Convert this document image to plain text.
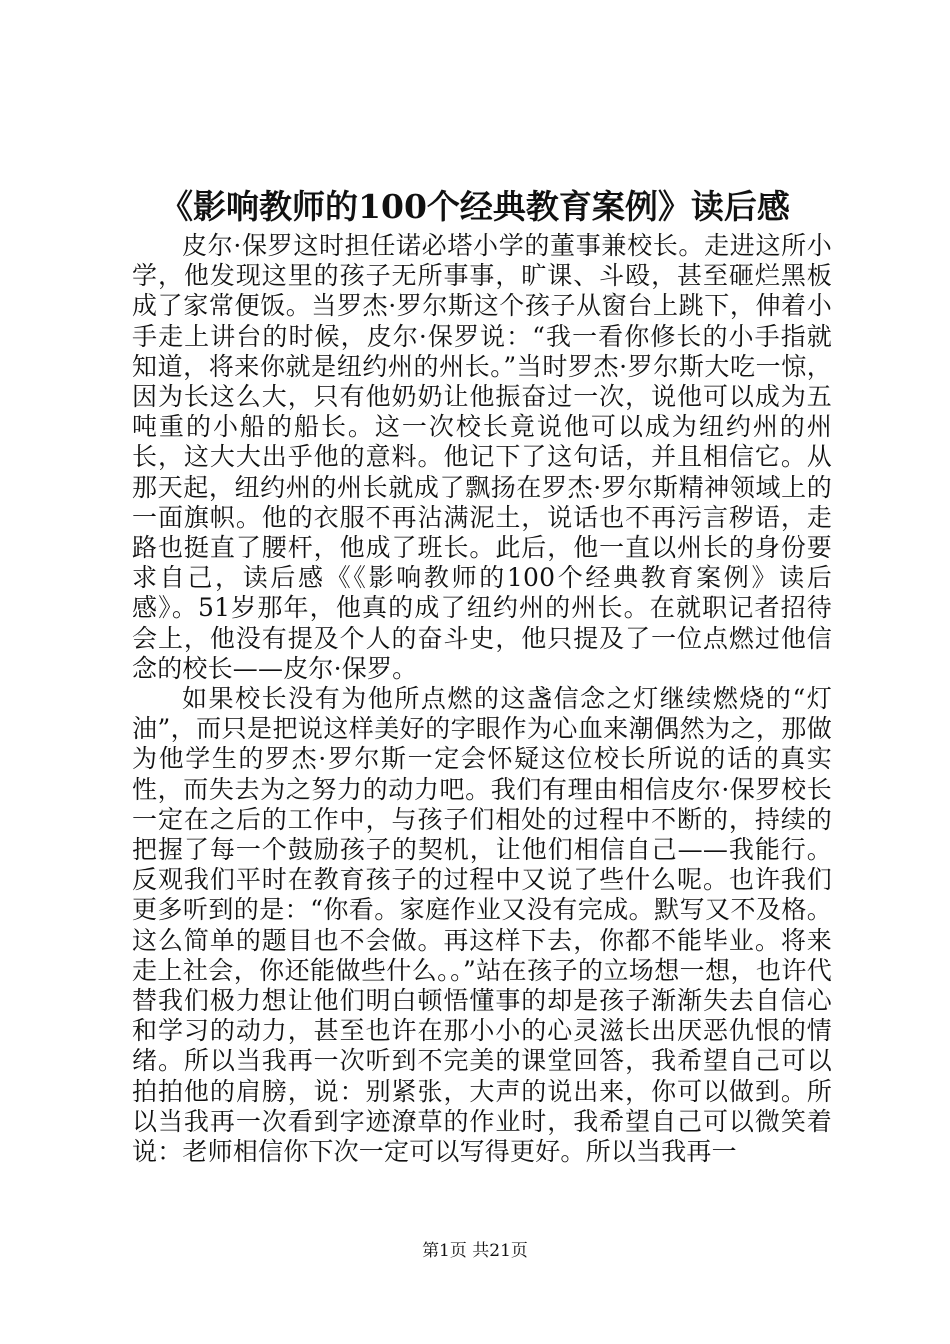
《影响教师的100个经典教育案例》读后感

皮尔·保罗这时担任诺必塔小学的董事兼校长。走进这所小学，他发现这里的孩子无所事事，旷课、斗殴，甚至砸烂黑板成了家常便饭。当罗杰·罗尔斯这个孩子从窗台上跳下，伸着小手走上讲台的时候，皮尔·保罗说：“我一看你修长的小手指就知道，将来你就是纽约州的州长。”当时罗杰·罗尔斯大吃一惊，因为长这么大，只有他奶奶让他振奋过一次，说他可以成为五吨重的小船的船长。这一次校长竟说他可以成为纽约州的州长，这大大出乎他的意料。他记下了这句话，并且相信它。从那天起，纽约州的州长就成了飘扬在罗杰·罗尔斯精神领域上的一面旗帜。他的衣服不再沾满泥土，说话也不再污言秽语，走路也挺直了腰杆，他成了班长。此后，他一直以州长的身份要求自己，读后感《《影响教师的100个经典教育案例》读后感》。51岁那年，他真的成了纽约州的州长。在就职记者招待会上，他没有提及个人的奋斗史，他只提及了一位点燃过他信念的校长——皮尔·保罗。

如果校长没有为他所点燃的这盏信念之灯继续燃烧的“灯油”，而只是把说这样美好的字眼作为心血来潮偶然为之，那做为他学生的罗杰·罗尔斯一定会怀疑这位校长所说的话的真实性，而失去为之努力的动力吧。我们有理由相信皮尔·保罗校长一定在之后的工作中，与孩子们相处的过程中不断的，持续的把握了每一个鼓励孩子的契机，让他们相信自己——我能行。反观我们平时在教育孩子的过程中又说了些什么呢。也许我们更多听到的是：“你看。家庭作业又没有完成。默写又不及格。这么简单的题目也不会做。再这样下去，你都不能毕业。将来走上社会，你还能做些什么。。”站在孩子的立场想一想，也许代替我们极力想让他们明白顿悟懂事的却是孩子渐渐失去自信心和学习的动力，甚至也许在那小小的心灵滋长出厌恶仇恨的情绪。所以当我再一次听到不完美的课堂回答，我希望自己可以拍拍他的肩膀，说：别紧张，大声的说出来，你可以做到。所以当我再一次看到字迹潦草的作业时，我希望自己可以微笑着说：老师相信你下次一定可以写得更好。所以当我再一

第1页 共21页
